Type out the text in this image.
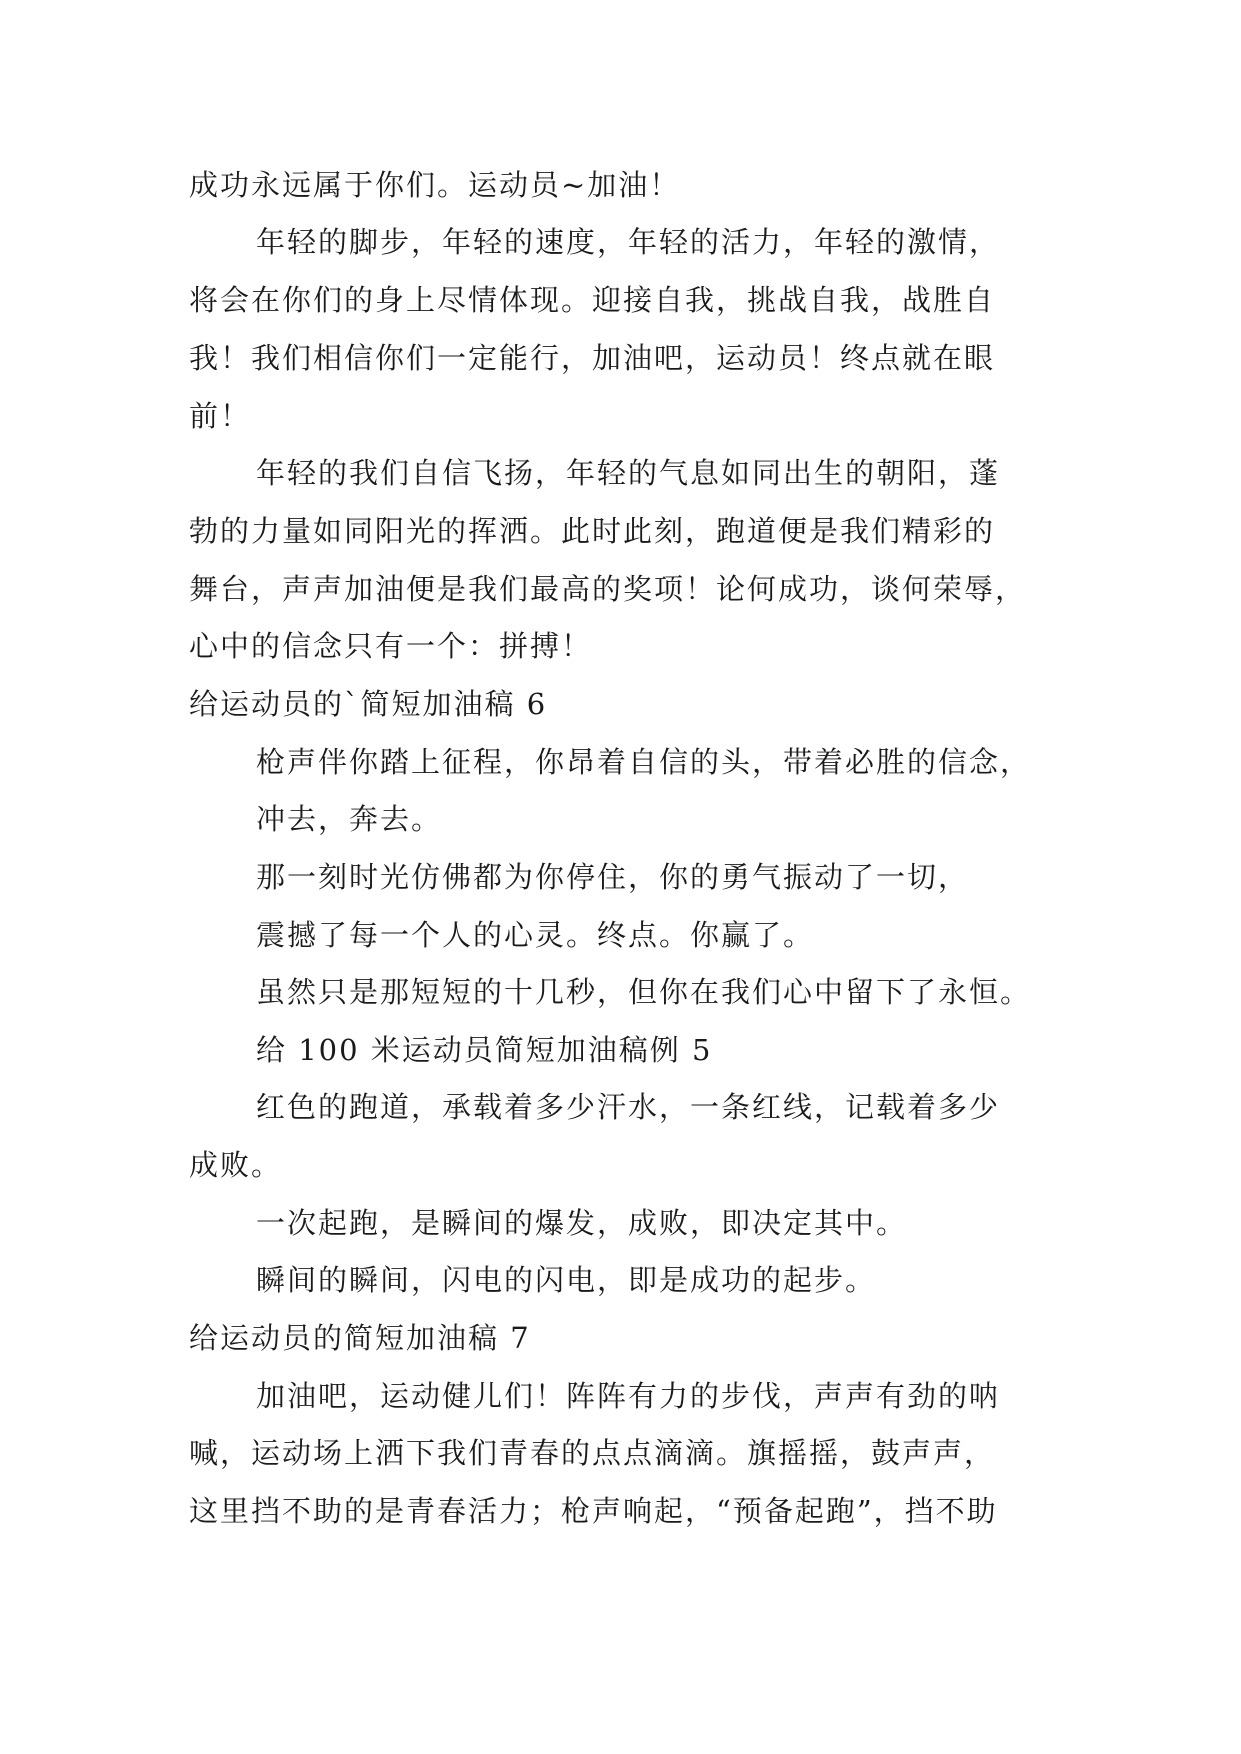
成功永远属于你们。运动员~加油！
年轻的脚步，年轻的速度，年轻的活力，年轻的激情，
将会在你们的身上尽情体现。迎接自我，挑战自我，战胜自
我！我们相信你们一定能行，加油吧，运动员！终点就在眼
前！
年轻的我们自信飞扬，年轻的气息如同出生的朝阳，蓬
勃的力量如同阳光的挥洒。此时此刻，跑道便是我们精彩的
舞台，声声加油便是我们最高的奖项！论何成功，谈何荣辱，
心中的信念只有一个：拼搏！
给运动员的`简短加油稿 6
枪声伴你踏上征程，你昂着自信的头，带着必胜的信念，
冲去，奔去。
那一刻时光仿佛都为你停住，你的勇气振动了一切，
震撼了每一个人的心灵。终点。你赢了。
虽然只是那短短的十几秒，但你在我们心中留下了永恒。
给 100 米运动员简短加油稿例 5
红色的跑道，承载着多少汗水，一条红线，记载着多少
成败。
一次起跑，是瞬间的爆发，成败，即决定其中。
瞬间的瞬间，闪电的闪电，即是成功的起步。
给运动员的简短加油稿 7
加油吧，运动健儿们！阵阵有力的步伐，声声有劲的呐
喊，运动场上洒下我们青春的点点滴滴。旗摇摇，鼓声声，
这里挡不助的是青春活力；枪声响起，“预备起跑”，挡不助
